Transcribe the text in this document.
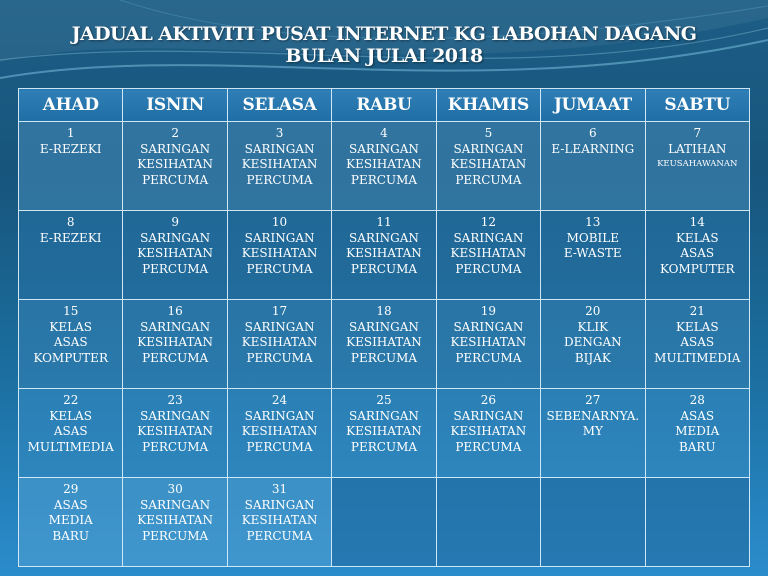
JADUAL AKTIVITI PUSAT INTERNET KG LABOHAN DAGANG
BULAN JULAI 2018
AHAD	ISNIN	SELASA	RABU	KHAMIS	JUMAAT	SABTU

1
E-REZEKI	2
SARINGAN
KESIHATAN
PERCUMA	3
SARINGAN
KESIHATAN
PERCUMA	4
SARINGAN
KESIHATAN
PERCUMA	5
SARINGAN
KESIHATAN
PERCUMA	6
E-LEARNING	7
LATIHAN
KEUSAHAWANAN

8
E-REZEKI	9
SARINGAN
KESIHATAN
PERCUMA	10
SARINGAN
KESIHATAN
PERCUMA	11
SARINGAN
KESIHATAN
PERCUMA	12
SARINGAN
KESIHATAN
PERCUMA	13
MOBILE
E-WASTE	14
KELAS
ASAS
KOMPUTER

15
KELAS
ASAS
KOMPUTER	16
SARINGAN
KESIHATAN
PERCUMA	17
SARINGAN
KESIHATAN
PERCUMA	18
SARINGAN
KESIHATAN
PERCUMA	19
SARINGAN
KESIHATAN
PERCUMA	20
KLIK
DENGAN
BIJAK	21
KELAS
ASAS
MULTIMEDIA

22
KELAS
ASAS
MULTIMEDIA	23
SARINGAN
KESIHATAN
PERCUMA	24
SARINGAN
KESIHATAN
PERCUMA	25
SARINGAN
KESIHATAN
PERCUMA	26
SARINGAN
KESIHATAN
PERCUMA	27
SEBENARNYA.
MY	28
ASAS
MEDIA
BARU

29
ASAS
MEDIA
BARU	30
SARINGAN
KESIHATAN
PERCUMA	31
SARINGAN
KESIHATAN
PERCUMA				
